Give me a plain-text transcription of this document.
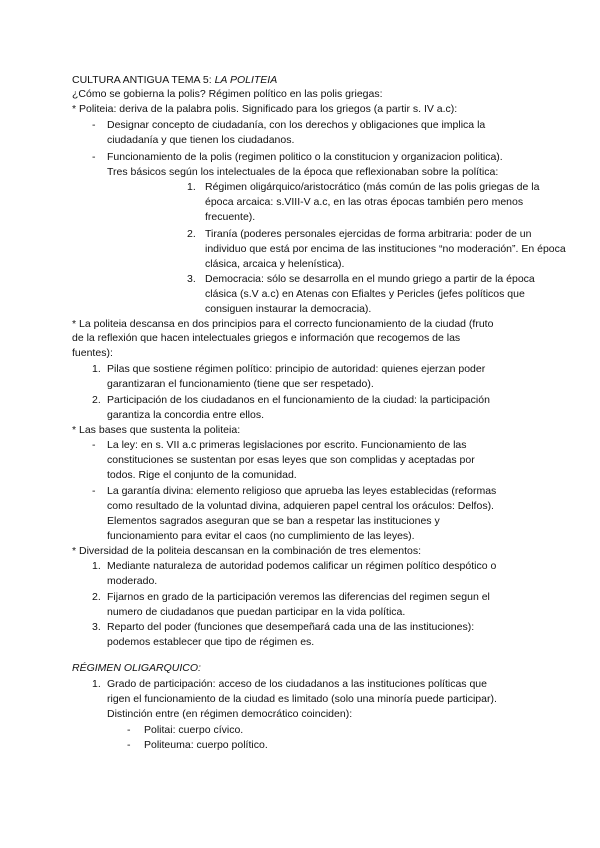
CULTURA ANTIGUA TEMA 5: LA POLITEIA
¿Cómo se gobierna la polis? Régimen político en las polis griegas:
* Politeia: deriva de la palabra polis. Significado para los griegos (a partir s. IV a.c):
- Designar concepto de ciudadanía, con los derechos y obligaciones que implica la
ciudadanía y que tienen los ciudadanos.
- Funcionamiento de la polis (regimen politico o la constitucion y organizacion politica).
Tres básicos según los intelectuales de la época que reflexionaban sobre la política:
1. Régimen oligárquico/aristocrático (más común de las polis griegas de la
época arcaica: s.VIII-V a.c, en las otras épocas también pero menos
frecuente).
2. Tiranía (poderes personales ejercidas de forma arbitraria: poder de un
individuo que está por encima de las instituciones “no moderación”. En época
clásica, arcaica y helenística).
3. Democracia: sólo se desarrolla en el mundo griego a partir de la época
clásica (s.V a.c) en Atenas con Efialtes y Pericles (jefes políticos que
consiguen instaurar la democracia).
* La politeia descansa en dos principios para el correcto funcionamiento de la ciudad (fruto
de la reflexión que hacen intelectuales griegos e información que recogemos de las
fuentes):
1. Pilas que sostiene régimen político: principio de autoridad: quienes ejerzan poder
garantizaran el funcionamiento (tiene que ser respetado).
2. Participación de los ciudadanos en el funcionamiento de la ciudad: la participación
garantiza la concordia entre ellos.
* Las bases que sustenta la politeia:
- La ley: en s. VII a.c primeras legislaciones por escrito. Funcionamiento de las
constituciones se sustentan por esas leyes que son complidas y aceptadas por
todos. Rige el conjunto de la comunidad.
- La garantía divina: elemento religioso que aprueba las leyes establecidas (reformas
como resultado de la voluntad divina, adquieren papel central los oráculos: Delfos).
Elementos sagrados aseguran que se ban a respetar las instituciones y
funcionamiento para evitar el caos (no cumplimiento de las leyes).
* Diversidad de la politeia descansan en la combinación de tres elementos:
1. Mediante naturaleza de autoridad podemos calificar un régimen político despótico o
moderado.
2. Fijarnos en grado de la participación veremos las diferencias del regimen segun el
numero de ciudadanos que puedan participar en la vida política.
3. Reparto del poder (funciones que desempeñará cada una de las instituciones):
podemos establecer que tipo de régimen es.
RÉGIMEN OLIGARQUICO:
1. Grado de participación: acceso de los ciudadanos a las instituciones políticas que
rigen el funcionamiento de la ciudad es limitado (solo una minoría puede participar).
Distinción entre (en régimen democrático coinciden):
- Politai: cuerpo cívico.
- Politeuma: cuerpo político.
